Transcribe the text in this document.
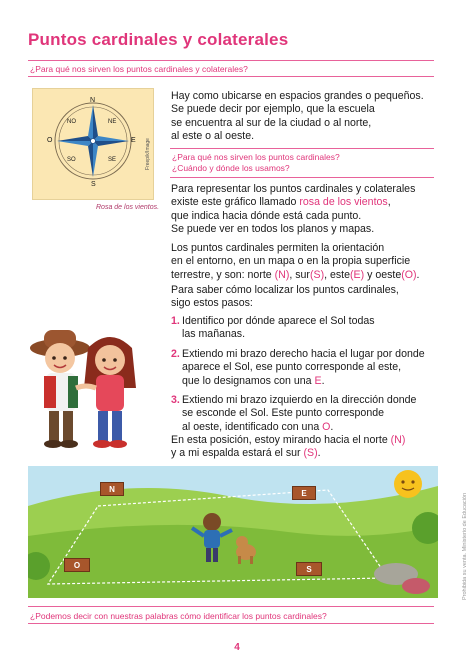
Puntos cardinales y colaterales
¿Para qué nos sirven los puntos cardinales y colaterales?
N
S
E
O
NE
NO
SE
SO	Freepik/Image
Rosa de los vientos.

Hay como ubicarse en espacios grandes o pequeños.

Se puede decir por ejemplo, que la escuela

se encuentra al sur de la ciudad o al norte,

al este o al oeste.

¿Para qué nos sirven los puntos cardinales?
¿Cuándo y dónde los usamos?

Para representar los puntos cardinales y colaterales

existe este gráfico llamado rosa de los vientos,

que indica hacia dónde está cada punto.

Se puede ver en todos los planos y mapas.

Los puntos cardinales permiten la orientación

en el entorno, en un mapa o en la propia superficie

terrestre, y son: norte (N), sur(S), este(E) y oeste(O).

Para saber cómo localizar los puntos cardinales,

sigo estos pasos:

1. Identifico por dónde aparece el Sol todas

las mañanas.

2. Extiendo mi brazo derecho hacia el lugar por donde

aparece el Sol, ese punto corresponde al este,

que lo designamos con una E.

3. Extiendo mi brazo izquierdo en la dirección donde

se esconde el Sol. Este punto corresponde

al oeste, identificado con una O.

En esta posición, estoy mirando hacia el norte (N)

y a mi espalda estará el sur (S).

N	E
O	S
¿Podemos decir con nuestras palabras cómo identificar los puntos cardinales?
Prohibida su venta. Ministerio de Educación
4
